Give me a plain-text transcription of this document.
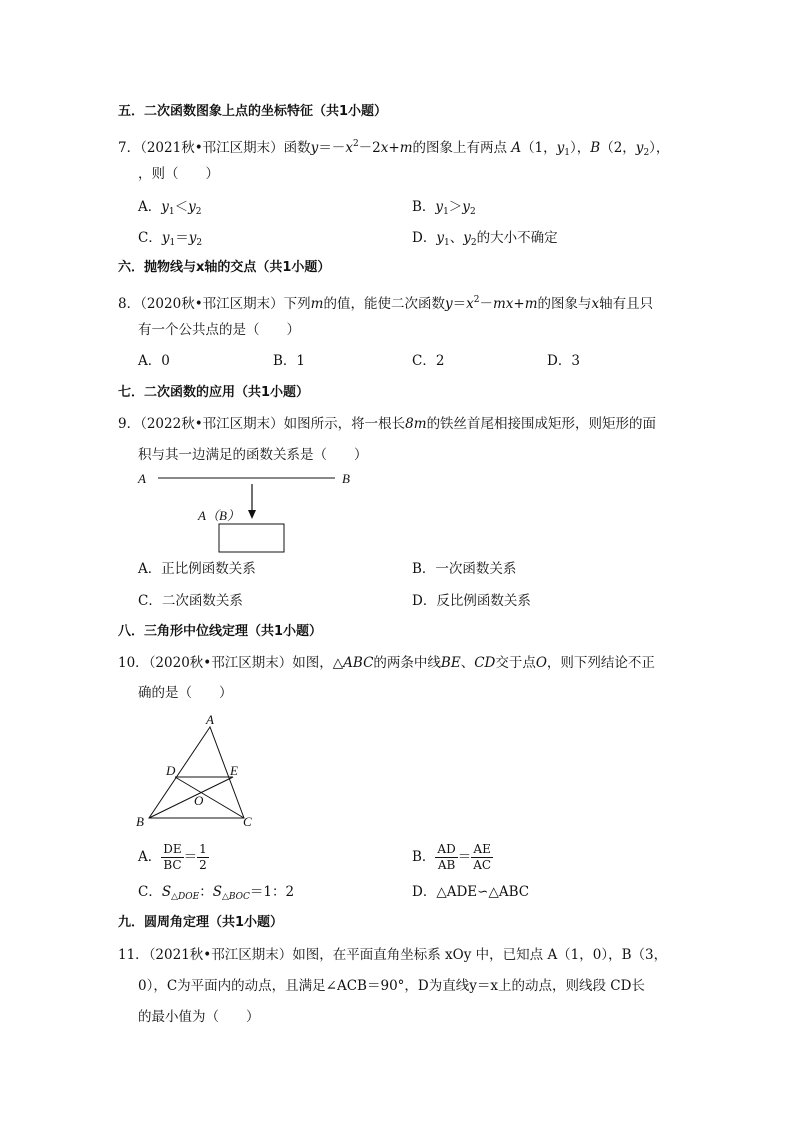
五．二次函数图象上点的坐标特征（共1小题）
7．（2021秋•邗江区期末）函数$y=-x^2-2x+m$的图象上有两点 A（1，$y_1$），B（2，$y_2$），
，则（　　）
A．$y_1<y_2$	B．$y_1>y_2$
C．$y_1=y_2$	D．$y_1$、$y_2$的大小不确定
六．抛物线与x轴的交点（共1小题）
8．（2020秋•邗江区期末）下列m的值，能使二次函数$y=x^2-mx+m$的图象与x轴有且只
有一个公共点的是（　　）
A．0	B．1	C．2	D．3
七．二次函数的应用（共1小题）
9．（2022秋•邗江区期末）如图所示，将一根长8m的铁丝首尾相接围成矩形，则矩形的面
积与其一边满足的函数关系是（　　）
A	B
A（B）
A．正比例函数关系	B．一次函数关系
C．二次函数关系	D．反比例函数关系
八．三角形中位线定理（共1小题）
10．（2020秋•邗江区期末）如图，△ABC的两条中线BE、CD交于点O，则下列结论不正
确的是（　　）
A
B	C
D	E
O
A． $\frac{DE}{BC} = \frac{1}{2}$	B． $\frac{AD}{AB} = \frac{AE}{AC}$
C．$S_{\triangle DOE}$：$S_{\triangle BOC}=1$：2	D．△ADE∽△ABC
九．圆周角定理（共1小题）
11．（2021秋•邗江区期末）如图，在平面直角坐标系 xOy 中，已知点 A（1，0），B（3，
0），C为平面内的动点，且满足∠ACB＝90°，D为直线y＝x上的动点，则线段 CD长
的最小值为（　　）
